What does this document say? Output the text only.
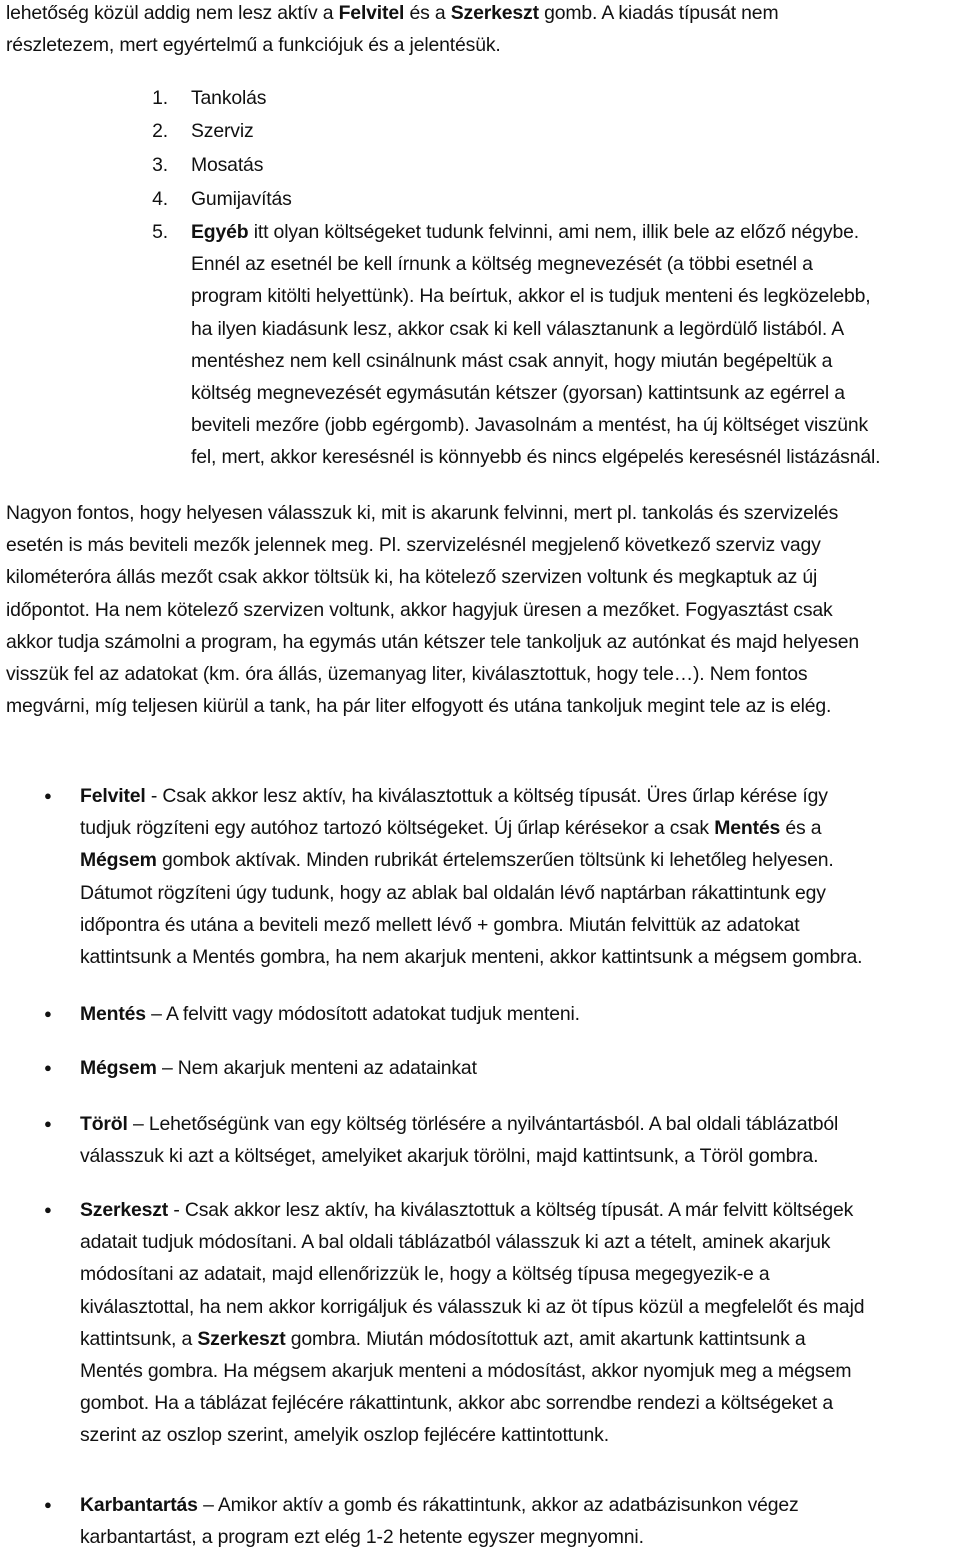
lehetőség közül addig nem lesz aktív a Felvitel és a Szerkeszt gomb. A kiadás típusát nem
részletezem, mert egyértelmű a funkciójuk és a jelentésük.
1. Tankolás
2. Szerviz
3. Mosatás
4. Gumijavítás
5. Egyéb itt olyan költségeket tudunk felvinni, ami nem, illik bele az előző négybe.
Ennél az esetnél be kell írnunk a költség megnevezését (a többi esetnél a
program kitölti helyettünk). Ha beírtuk, akkor el is tudjuk menteni és legközelebb,
ha ilyen kiadásunk lesz, akkor csak ki kell választanunk a legördülő listából. A
mentéshez nem kell csinálnunk mást csak annyit, hogy miután begépeltük a
költség megnevezését egymásután kétszer (gyorsan) kattintsunk az egérrel a
beviteli mezőre (jobb egérgomb). Javasolnám a mentést, ha új költséget viszünk
fel, mert, akkor keresésnél is könnyebb és nincs elgépelés keresésnél listázásnál.
Nagyon fontos, hogy helyesen válasszuk ki, mit is akarunk felvinni, mert pl. tankolás és szervizelés
esetén is más beviteli mezők jelennek meg. Pl. szervizelésnél megjelenő következő szerviz vagy
kilométeróra állás mezőt csak akkor töltsük ki, ha kötelező szervizen voltunk és megkaptuk az új
időpontot. Ha nem kötelező szervizen voltunk, akkor hagyjuk üresen a mezőket. Fogyasztást csak
akkor tudja számolni a program, ha egymás után kétszer tele tankoljuk az autónkat és majd helyesen
visszük fel az adatokat (km. óra állás, üzemanyag liter, kiválasztottuk, hogy tele…). Nem fontos
megvárni, míg teljesen kiürül a tank, ha pár liter elfogyott és utána tankoljuk megint tele az is elég.
● Felvitel - Csak akkor lesz aktív, ha kiválasztottuk a költség típusát. Üres űrlap kérése így
tudjuk rögzíteni egy autóhoz tartozó költségeket. Új űrlap kérésekor a csak Mentés és a
Mégsem gombok aktívak. Minden rubrikát értelemszerűen töltsünk ki lehetőleg helyesen.
Dátumot rögzíteni úgy tudunk, hogy az ablak bal oldalán lévő naptárban rákattintunk egy
időpontra és utána a beviteli mező mellett lévő + gombra. Miután felvittük az adatokat
kattintsunk a Mentés gombra, ha nem akarjuk menteni, akkor kattintsunk a mégsem gombra.
● Mentés – A felvitt vagy módosított adatokat tudjuk menteni.
● Mégsem – Nem akarjuk menteni az adatainkat
● Töröl – Lehetőségünk van egy költség törlésére a nyilvántartásból. A bal oldali táblázatból
válasszuk ki azt a költséget, amelyiket akarjuk törölni, majd kattintsunk, a Töröl gombra.
● Szerkeszt - Csak akkor lesz aktív, ha kiválasztottuk a költség típusát. A már felvitt költségek
adatait tudjuk módosítani. A bal oldali táblázatból válasszuk ki azt a tételt, aminek akarjuk
módosítani az adatait, majd ellenőrizzük le, hogy a költség típusa megegyezik-e a
kiválasztottal, ha nem akkor korrigáljuk és válasszuk ki az öt típus közül a megfelelőt és majd
kattintsunk, a Szerkeszt gombra. Miután módosítottuk azt, amit akartunk kattintsunk a
Mentés gombra. Ha mégsem akarjuk menteni a módosítást, akkor nyomjuk meg a mégsem
gombot. Ha a táblázat fejlécére rákattintunk, akkor abc sorrendbe rendezi a költségeket a
szerint az oszlop szerint, amelyik oszlop fejlécére kattintottunk.
● Karbantartás – Amikor aktív a gomb és rákattintunk, akkor az adatbázisunkon végez
karbantartást, a program ezt elég 1-2 hetente egyszer megnyomni.
